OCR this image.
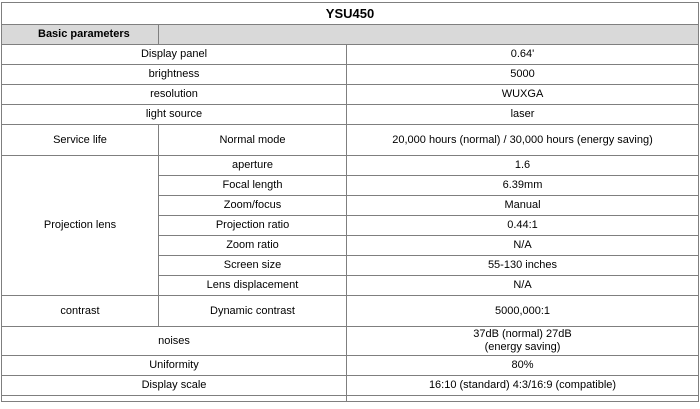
YSU450		
Basic parameters		
Display panel		0.64'
brightness		5000
resolution		WUXGA
light source		laser
Service life	Normal mode	20,000 hours (normal) / 30,000 hours (energy saving)
Projection lens	aperture	1.6
	Focal length	6.39mm
	Zoom/focus	Manual
	Projection ratio	0.44:1
	Zoom ratio	N/A
	Screen size	55-130 inches
	Lens displacement	N/A
contrast	Dynamic contrast	5000,000:1
noises		37dB (normal) 27dB
(energy saving)

Uniformity		80%
Display scale		16:10 (standard) 4:3/16:9 (compatible)
